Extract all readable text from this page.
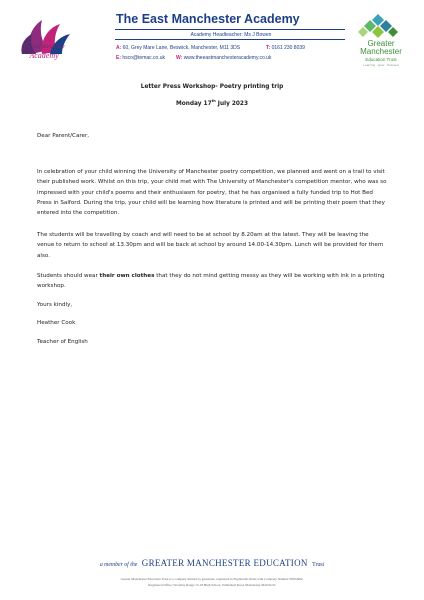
The East Manchester
Academy
The East Manchester Academy
Academy Headteacher: Ms J Bowen
A: 60, Grey Mare Lane, Beswick, Manchester, M11 3DS	T: 0161 230 8039
E: hsco@temac.co.uk W: www.theeastmanchesteracademy.co.uk
Greater
Manchester
Education Trust
Learning · grow · Succeed
Letter Press Workshop- Poetry printing trip
Monday 17th July 2023
Dear Parent/Carer,
In celebration of your child winning the University of Manchester poetry competition, we planned and went on a trail to visit their published work. Whilst on this trip, your child met with The University of Manchester's competition mentor, who was so impressed with your child's poems and their enthusiasm for poetry, that he has organised a fully funded trip to Hot Bed Press in Salford. During the trip, your child will be learning how literature is printed and will be printing their poem that they entered into the competition.
The students will be travelling by coach and will need to be at school by 8.20am at the latest. They will be leaving the venue to return to school at 13.30pm and will be back at school by around 14.00-14.30pm. Lunch will be provided for them also.
Students should wear their own clothes that they do not mind getting messy as they will be working with ink in a printing workshop.
Yours kindly,
Heather Cook
Teacher of English
a member of the GREATER MANCHESTER EDUCATION Trust
Greater Manchester Education Trust is a company limited by guarantee, registered in England & Wales with Company Number 09502962.
Registered Office: Woodley Range 15-18 High School, Willenhall Road, Manchester M40 6GW
